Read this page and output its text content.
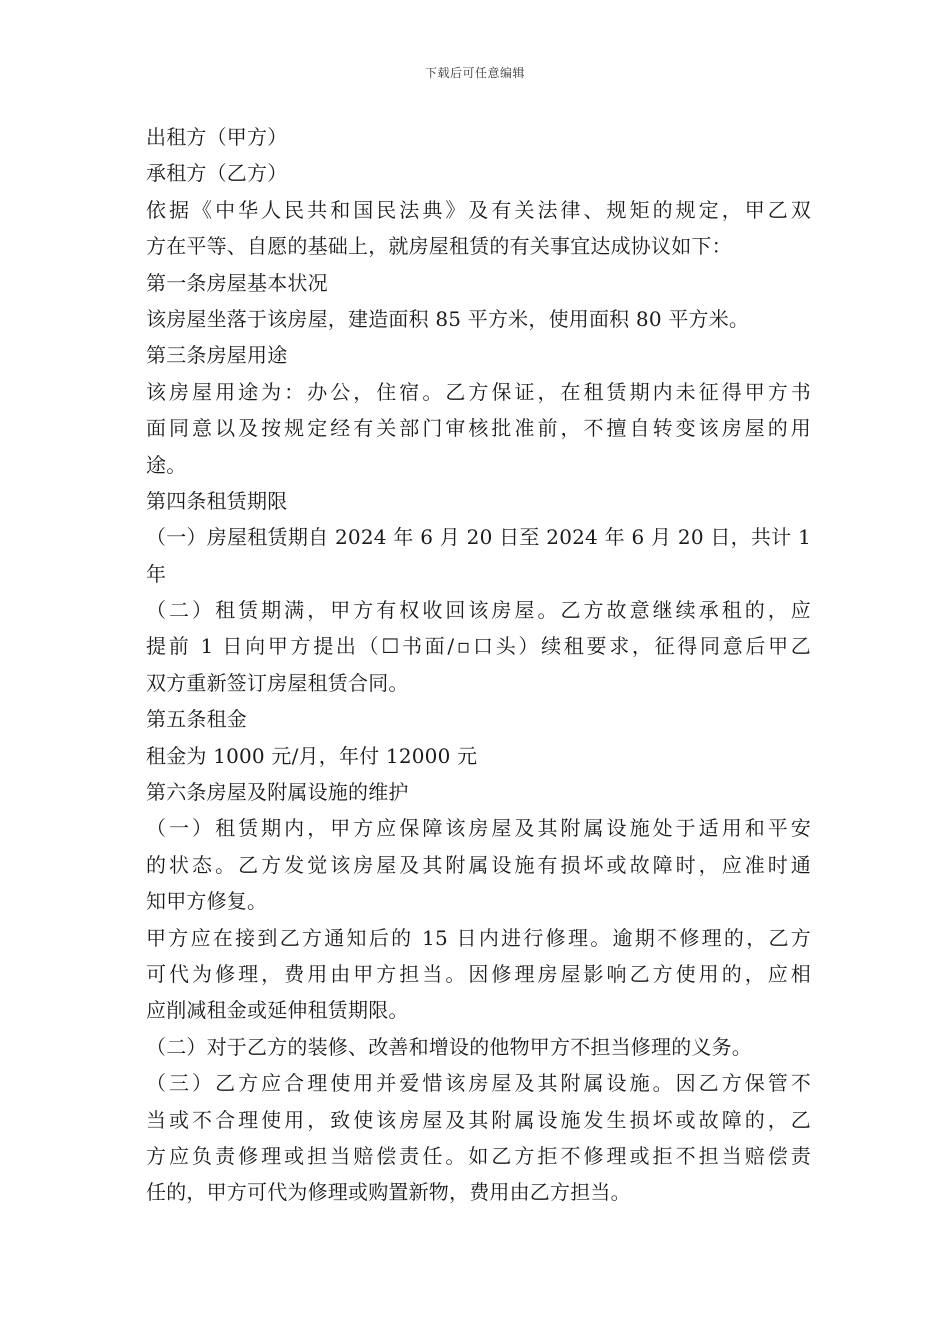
下载后可任意编辑
出租方（甲方）
承租方（乙方）
依据《中华人民共和国民法典》及有关法律、规矩的规定，甲乙双
方在平等、自愿的基础上，就房屋租赁的有关事宜达成协议如下：
第一条房屋基本状况
该房屋坐落于该房屋，建造面积 85 平方米，使用面积 80 平方米。
第三条房屋用途
该房屋用途为：办公，住宿。乙方保证，在租赁期内未征得甲方书
面同意以及按规定经有关部门审核批准前，不擅自转变该房屋的用
途。
第四条租赁期限
（一）房屋租赁期自 2024 年 6 月 20 日至 2024 年 6 月 20 日，共计 1
年
（二）租赁期满，甲方有权收回该房屋。乙方故意继续承租的，应
提前 1 日向甲方提出（☐书面/▫口头）续租要求，征得同意后甲乙
双方重新签订房屋租赁合同。
第五条租金
租金为 1000 元/月，年付 12000 元
第六条房屋及附属设施的维护
（一）租赁期内，甲方应保障该房屋及其附属设施处于适用和平安
的状态。乙方发觉该房屋及其附属设施有损坏或故障时，应准时通
知甲方修复。
甲方应在接到乙方通知后的 15 日内进行修理。逾期不修理的，乙方
可代为修理，费用由甲方担当。因修理房屋影响乙方使用的，应相
应削减租金或延伸租赁期限。
（二）对于乙方的装修、改善和增设的他物甲方不担当修理的义务。
（三）乙方应合理使用并爱惜该房屋及其附属设施。因乙方保管不
当或不合理使用，致使该房屋及其附属设施发生损坏或故障的，乙
方应负责修理或担当赔偿责任。如乙方拒不修理或拒不担当赔偿责
任的，甲方可代为修理或购置新物，费用由乙方担当。
